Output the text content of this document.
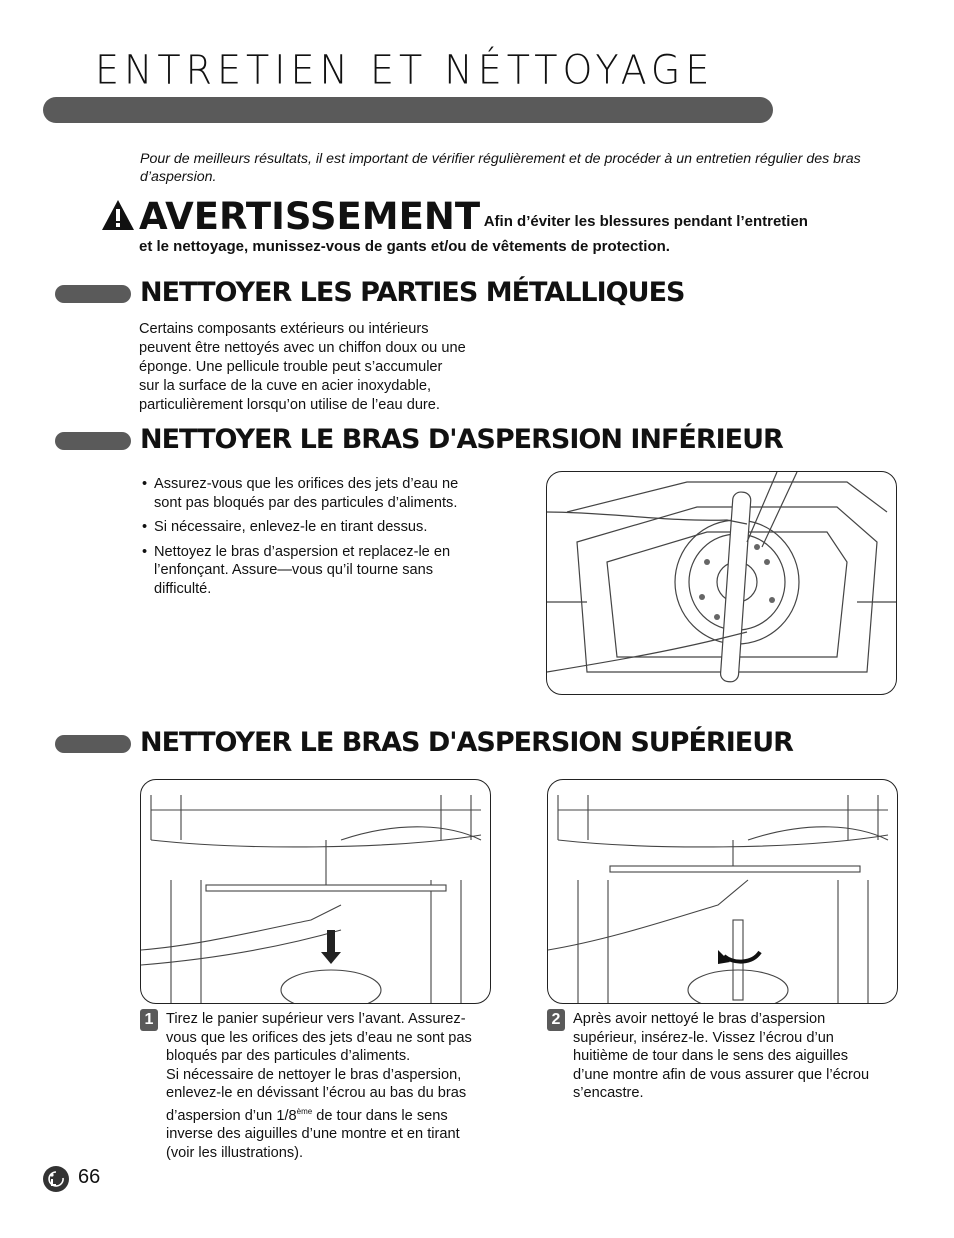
ENTRETIEN ET NÉTTOYAGE
Pour de meilleurs résultats, il est important de vérifier régulièrement et de procéder à un entretien régulier des bras d’aspersion.
AVERTISSEMENT Afin d’éviter les blessures pendant l’entretien
et le nettoyage, munissez-vous de gants et/ou de vêtements de protection.
NETTOYER LES PARTIES MÉTALLIQUES
Certains composants extérieurs ou intérieurs
peuvent être nettoyés avec un chiffon doux ou une
éponge. Une pellicule trouble peut s’accumuler
sur la surface de la cuve en acier inoxydable,
particulièrement lorsqu’on utilise de l’eau dure.
NETTOYER LE BRAS D'ASPERSION INFÉRIEUR
• Assurez-vous que les orifices des jets d’eau ne sont pas bloqués par des particules d’aliments.
• Si nécessaire, enlevez-le en tirant dessus.
• Nettoyez le bras d’aspersion et replacez-le en l’enfonçant. Assure—vous qu’il tourne sans difficulté.
NETTOYER LE BRAS D'ASPERSION SUPÉRIEUR
1 Tirez le panier supérieur vers l’avant. Assurez-vous que les orifices des jets d’eau ne sont pas bloqués par des particules d’aliments.
Si nécessaire de nettoyer le bras d’aspersion, enlevez-le en dévissant l’écrou au bas du bras d’aspersion d’un 1/8ème de tour dans le sens inverse des aiguilles d’une montre et en tirant (voir les illustrations).
2 Après avoir nettoyé le bras d’aspersion supérieur, insérez-le. Vissez l’écrou d’un huitième de tour dans le sens des aiguilles d’une montre afin de vous assurer que l’écrou s’encastre.
66
